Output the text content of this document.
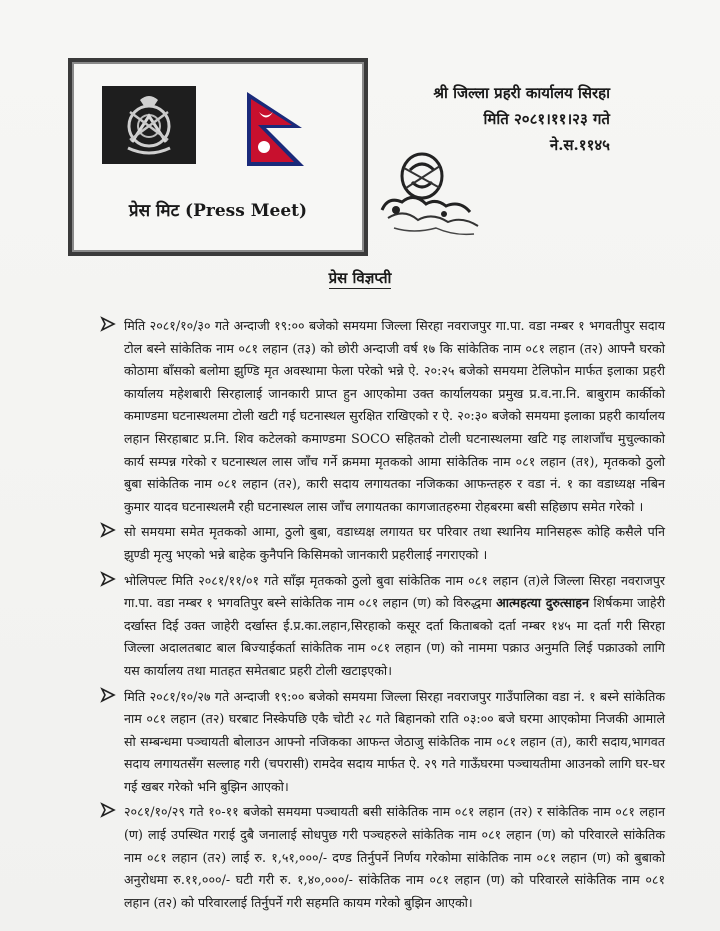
प्रेस मिट (Press Meet)
श्री जिल्ला प्रहरी कार्यालय सिरहा
मिति २०८१।११।२३ गते
ने.स.११४५
प्रेस विज्ञप्ती
मिति २०८१/१०/३० गते अन्दाजी १९:०० बजेको समयमा जिल्ला सिरहा नवराजपुर गा.पा. वडा नम्बर १ भगवतीपुर सदाय टोल बस्ने सांकेतिक नाम ०८१ लहान (त३) को छोरी अन्दाजी वर्ष १७ कि सांकेतिक नाम ०८१ लहान (त२) आफ्नै घरको कोठामा बाँसको बलोमा झुण्डि मृत अवस्थामा फेला परेको भन्ने ऐ. २०:२५ बजेको समयमा टेलिफोन मार्फत इलाका प्रहरी कार्यालय महेशबारी सिरहालाई जानकारी प्राप्त हुन आएकोमा उक्त कार्यालयका प्रमुख प्र.व.ना.नि. बाबुराम कार्कीको कमाण्डमा घटनास्थलमा टोली खटी गई घटनास्थल सुरक्षित राखिएको र ऐ. २०:३० बजेको समयमा इलाका प्रहरी कार्यालय लहान सिरहाबाट प्र.नि. शिव कटेलको कमाण्डमा SOCO सहितको टोली घटनास्थलमा खटि गइ लाशजाँच मुचुल्काको कार्य सम्पन्न गरेको र घटनास्थल लास जाँच गर्ने क्रममा मृतकको आमा सांकेतिक नाम ०८१ लहान (त१), मृतकको ठुलो बुबा सांकेतिक नाम ०८१ लहान (त२), कारी सदाय लगायतका नजिकका आफन्तहरु र वडा नं. १ का वडाध्यक्ष नबिन कुमार यादव घटनास्थलमै रही घटनास्थल लास जाँच लगायतका कागजातहरुमा रोहबरमा बसी सहिछाप समेत गरेको ।
सो समयमा समेत मृतकको आमा, ठुलो बुबा, वडाध्यक्ष लगायत घर परिवार तथा स्थानिय मानिसहरू कोहि कसैले पनि झुण्डी मृत्यु भएको भन्ने बाहेक कुनैपनि किसिमको जानकारी प्रहरीलाई नगराएको ।
भोलिपल्ट मिति २०८१/११/०१ गते साँझ मृतकको ठुलो बुवा सांकेतिक नाम ०८१ लहान (त)ले जिल्ला सिरहा नवराजपुर गा.पा. वडा नम्बर १ भगवतिपुर बस्ने सांकेतिक नाम ०८१ लहान (ण) को विरुद्धमा आत्महत्या दुरुत्साहन शिर्षकमा जाहेरी दर्खास्त दिई उक्त जाहेरी दर्खास्त ई.प्र.का.लहान,सिरहाको कसूर दर्ता किताबको दर्ता नम्बर १४५ मा दर्ता गरी सिरहा जिल्ला अदालतबाट बाल बिज्याईकर्ता सांकेतिक नाम ०८१ लहान (ण) को नाममा पक्राउ अनुमति लिई पक्राउको लागि यस कार्यालय तथा मातहत समेतबाट प्रहरी टोली खटाइएको।
मिति २०८१/१०/२७ गते अन्दाजी १९:०० बजेको समयमा जिल्ला सिरहा नवराजपुर गाउँपालिका वडा नं. १ बस्ने सांकेतिक नाम ०८१ लहान (त२) घरबाट निस्केपछि एकै चोटी २८ गते बिहानको राति ०३:०० बजे घरमा आएकोमा निजकी आमाले सो सम्बन्धमा पञ्चायती बोलाउन आफ्नो नजिकका आफन्त जेठाजु सांकेतिक नाम ०८१ लहान (त), कारी सदाय,भागवत सदाय लगायतसँग सल्लाह गरी (चपरासी) रामदेव सदाय मार्फत ऐ. २९ गते गाऊँघरमा पञ्चायतीमा आउनको लागि घर-घर गई खबर गरेको भनि बुझिन आएको।
२०८१/१०/२९ गते १०-११ बजेको समयमा पञ्चायती बसी सांकेतिक नाम ०८१ लहान (त२) र सांकेतिक नाम ०८१ लहान (ण) लाई उपस्थित गराई दुबै जनालाई सोधपुछ गरी पञ्चहरुले सांकेतिक नाम ०८१ लहान (ण) को परिवारले सांकेतिक नाम ०८१ लहान (त२) लाई रु. १,५१,०००/- दण्ड तिर्नुपर्ने निर्णय गरेकोमा सांकेतिक नाम ०८१ लहान (ण) को बुबाको अनुरोधमा रु.११,०००/- घटी गरी रु. १,४०,०००/- सांकेतिक नाम ०८१ लहान (ण) को परिवारले सांकेतिक नाम ०८१ लहान (त२) को परिवारलाई तिर्नुपर्ने गरी सहमति कायम गरेको बुझिन आएको।
